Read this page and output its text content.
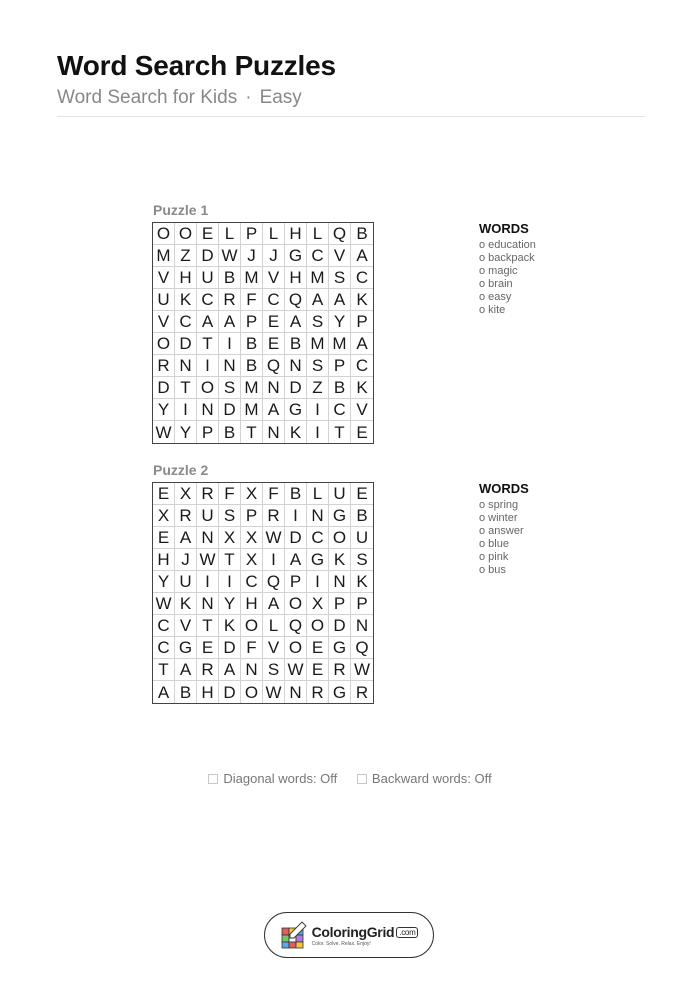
Word Search Puzzles
Word Search for Kids · Easy
Puzzle 1
O O E L P L H L Q B
M Z D W J J G C V A
V H U B M V H M S C
U K C R F C Q A A K
V C A A P E A S Y P
O D T I B E B M M A
R N I N B Q N S P C
D T O S M N D Z B K
Y I N D M A G I C V
W Y P B T N K I T E
WORDS
o education
o backpack
o magic
o brain
o easy
o kite
Puzzle 2
E X R F X F B L U E
X R U S P R I N G B
E A N X X W D C O U
H J W T X I A G K S
Y U I	I C Q P I N K
W K N Y H A O X P P
C V T K O L Q O D N
C G E D F V O E G Q
T A R A N S W E R W
A B H D O W N R G R
WORDS
o spring
o winter
o answer
o blue
o pink
o bus
Diagonal words: Off
	Backward words: Off
ColoringGrid .com
Color. Solve. Relax. Enjoy!
